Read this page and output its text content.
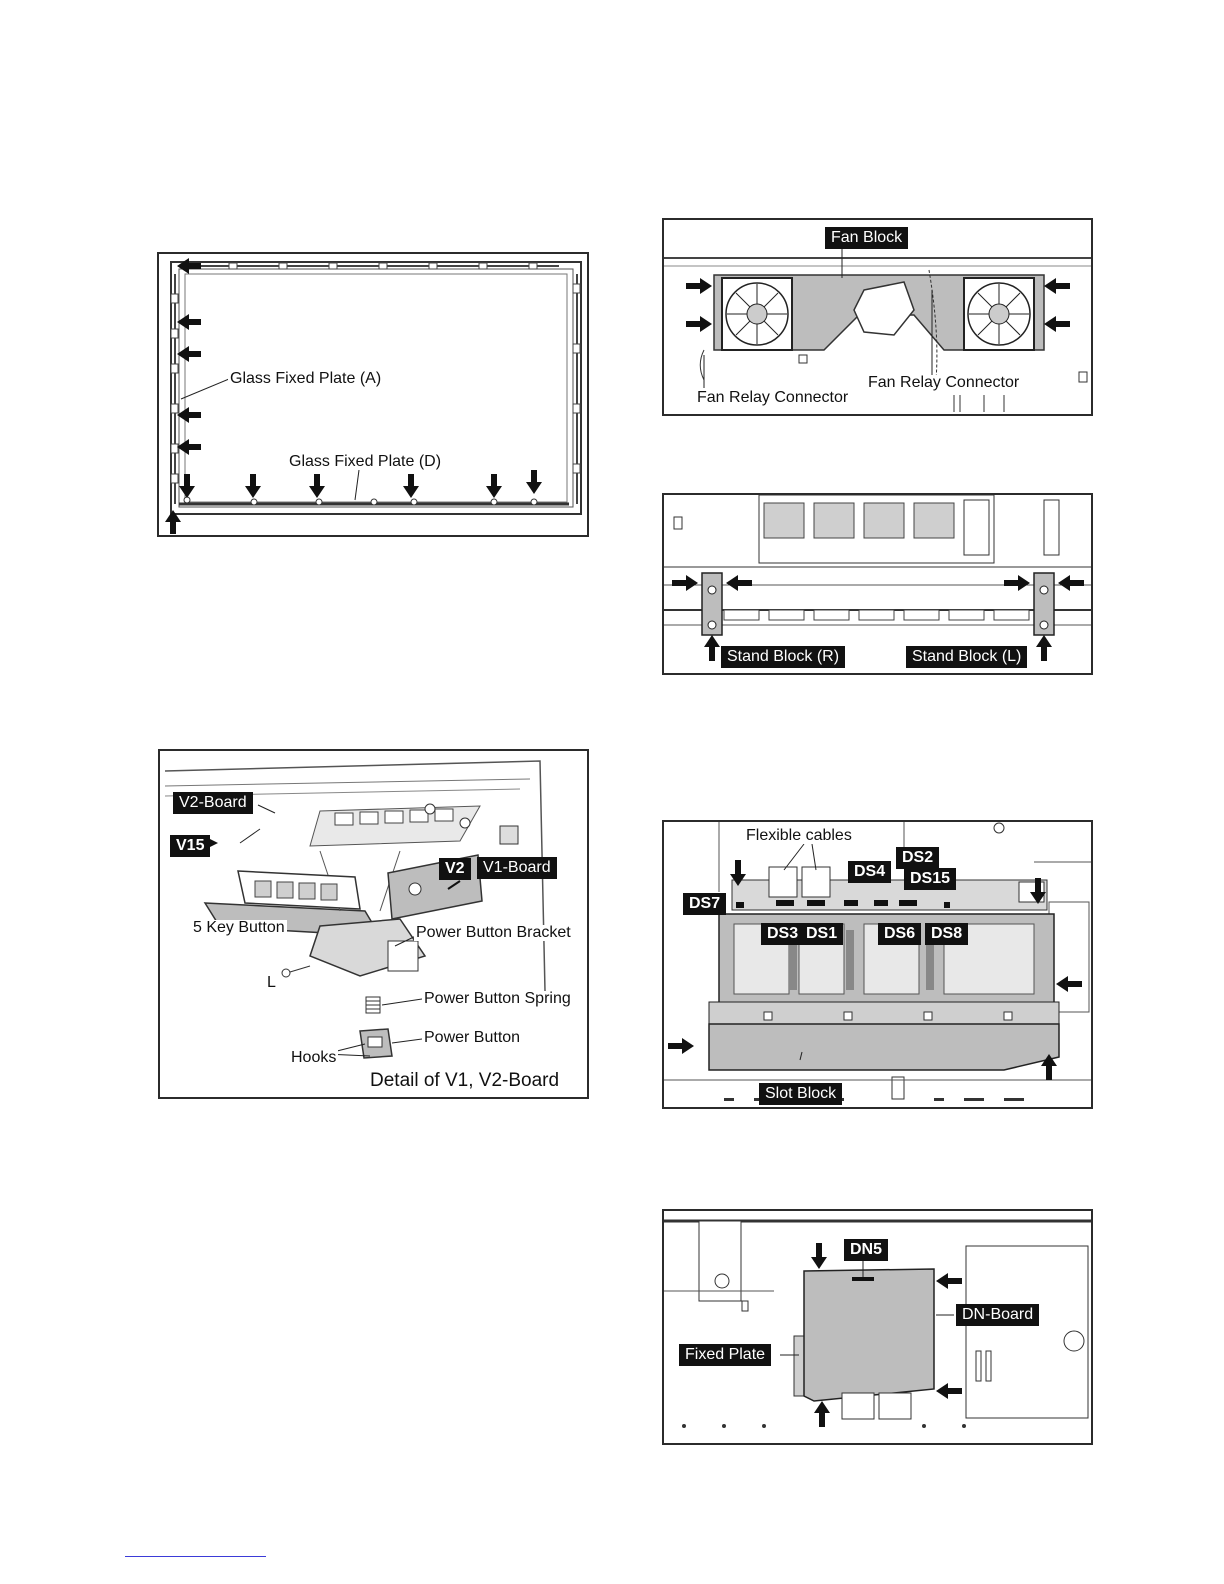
Glass Fixed Plate (A)
Glass Fixed Plate (D)
V2-Board
V15
V2	V1-Board
5 Key Button	Power Button Bracket
L
Power Button Spring
Power Button
Hooks
Detail of V1, V2-Board
Fan Block
Fan Relay Connector
Fan Relay Connector
Stand Block (R)	Stand Block (L)
Flexible cables
DS4
DS2
DS15
DS7
DS3 DS1	DS6 DS8
Slot Block
DN5
DN-Board
Fixed Plate
